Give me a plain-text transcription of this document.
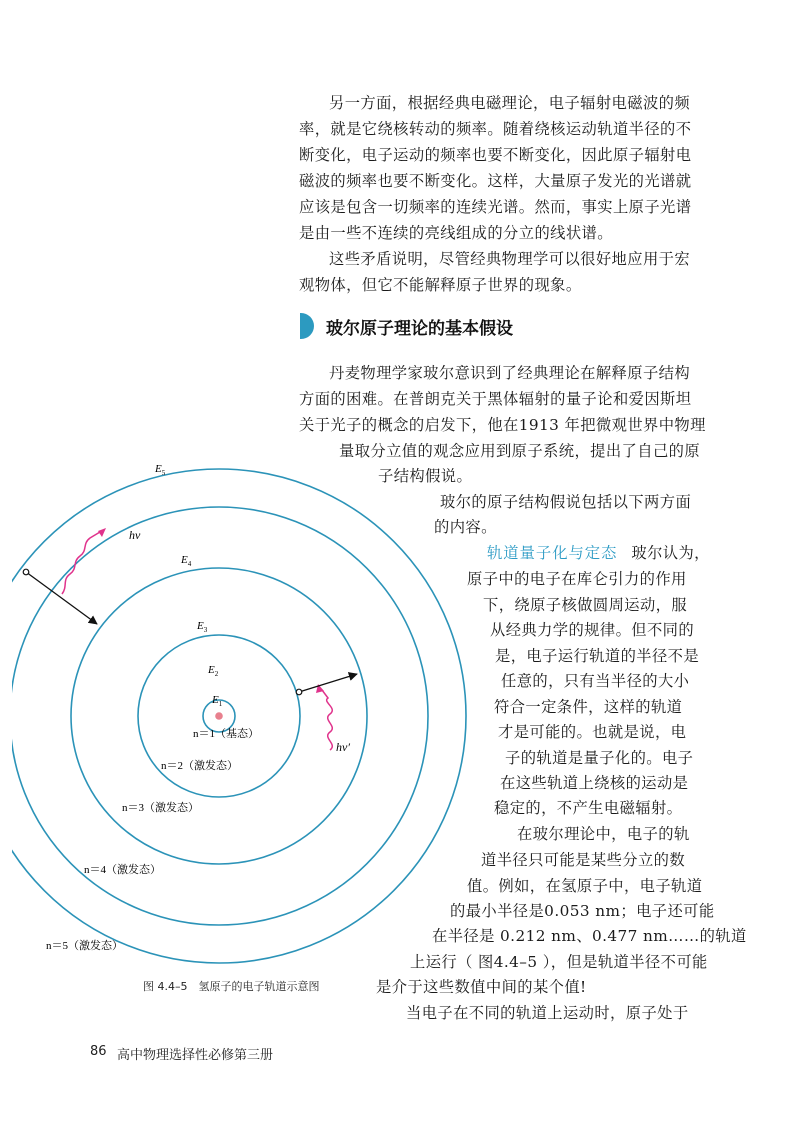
另一方面，根据经典电磁理论，电子辐射电磁波的频
率，就是它绕核转动的频率。随着绕核运动轨道半径的不
断变化，电子运动的频率也要不断变化，因此原子辐射电
磁波的频率也要不断变化。这样，大量原子发光的光谱就
应该是包含一切频率的连续光谱。然而，事实上原子光谱
是由一些不连续的亮线组成的分立的线状谱。
这些矛盾说明，尽管经典物理学可以很好地应用于宏
观物体，但它不能解释原子世界的现象。
玻尔原子理论的基本假设
丹麦物理学家玻尔意识到了经典理论在解释原子结构
方面的困难。在普朗克关于黑体辐射的量子论和爱因斯坦
关于光子的概念的启发下，他在1913 年把微观世界中物理
量取分立值的观念应用到原子系统，提出了自己的原
子结构假说。
玻尔的原子结构假说包括以下两方面
的内容。
轨道量子化与定态 玻尔认为，
原子中的电子在库仑引力的作用
下，绕原子核做圆周运动，服
从经典力学的规律。但不同的
是，电子运行轨道的半径不是
任意的，只有当半径的大小
符合一定条件，这样的轨道
才是可能的。也就是说，电
子的轨道是量子化的。电子
在这些轨道上绕核的运动是
稳定的，不产生电磁辐射。
在玻尔理论中，电子的轨
道半径只可能是某些分立的数
值。例如，在氢原子中，电子轨道
的最小半径是0.053 nm；电子还可能
在半径是 0.212 nm、0.477 nm……的轨道
上运行（ 图4.4–5 ），但是轨道半径不可能
是介于这些数值中间的某个值!
当电子在不同的轨道上运动时，原子处于
$E_5$
$E_4$
$E_3$
$E_2$
$E_1$
hν
hν′
n＝1（基态）
n＝2（激发态）
n＝3（激发态）
n＝4（激发态）
n＝5（激发态）
图 4.4–5　氢原子的电子轨道示意图
86 高中物理选择性必修第三册
